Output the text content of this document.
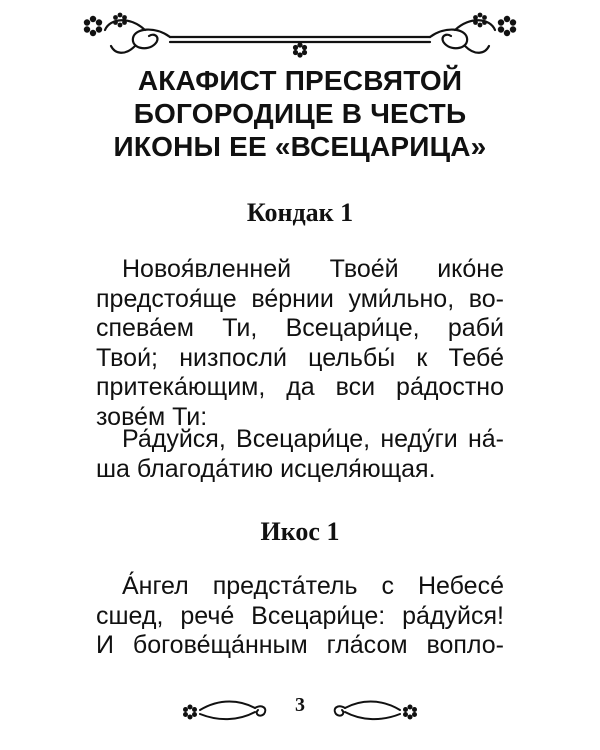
АКАФИСТ ПРЕСВЯТОЙ
БОГОРОДИЦЕ В ЧЕСТЬ
ИКОНЫ ЕЕ «ВСЕЦАРИЦА»
Кондак 1
Новоя́вленней Твое́й ико́не
предстоя́ще ве́рнии уми́льно, во-
спева́ем Ти, Всецари́це, раби́
Твои́; низпосли́ цельбы́ к Тебе́
притека́ющим, да вси ра́достно
зове́м Ти:
Ра́дуйся, Всецари́це, неду́ги на́-
ша благода́тию исцеля́ющая.
Икос 1
А́нгел предста́тель с Небесе́
сшед, рече́ Всецари́це: ра́дуйся!
И богове́ща́нным гла́сом вопло-
3
